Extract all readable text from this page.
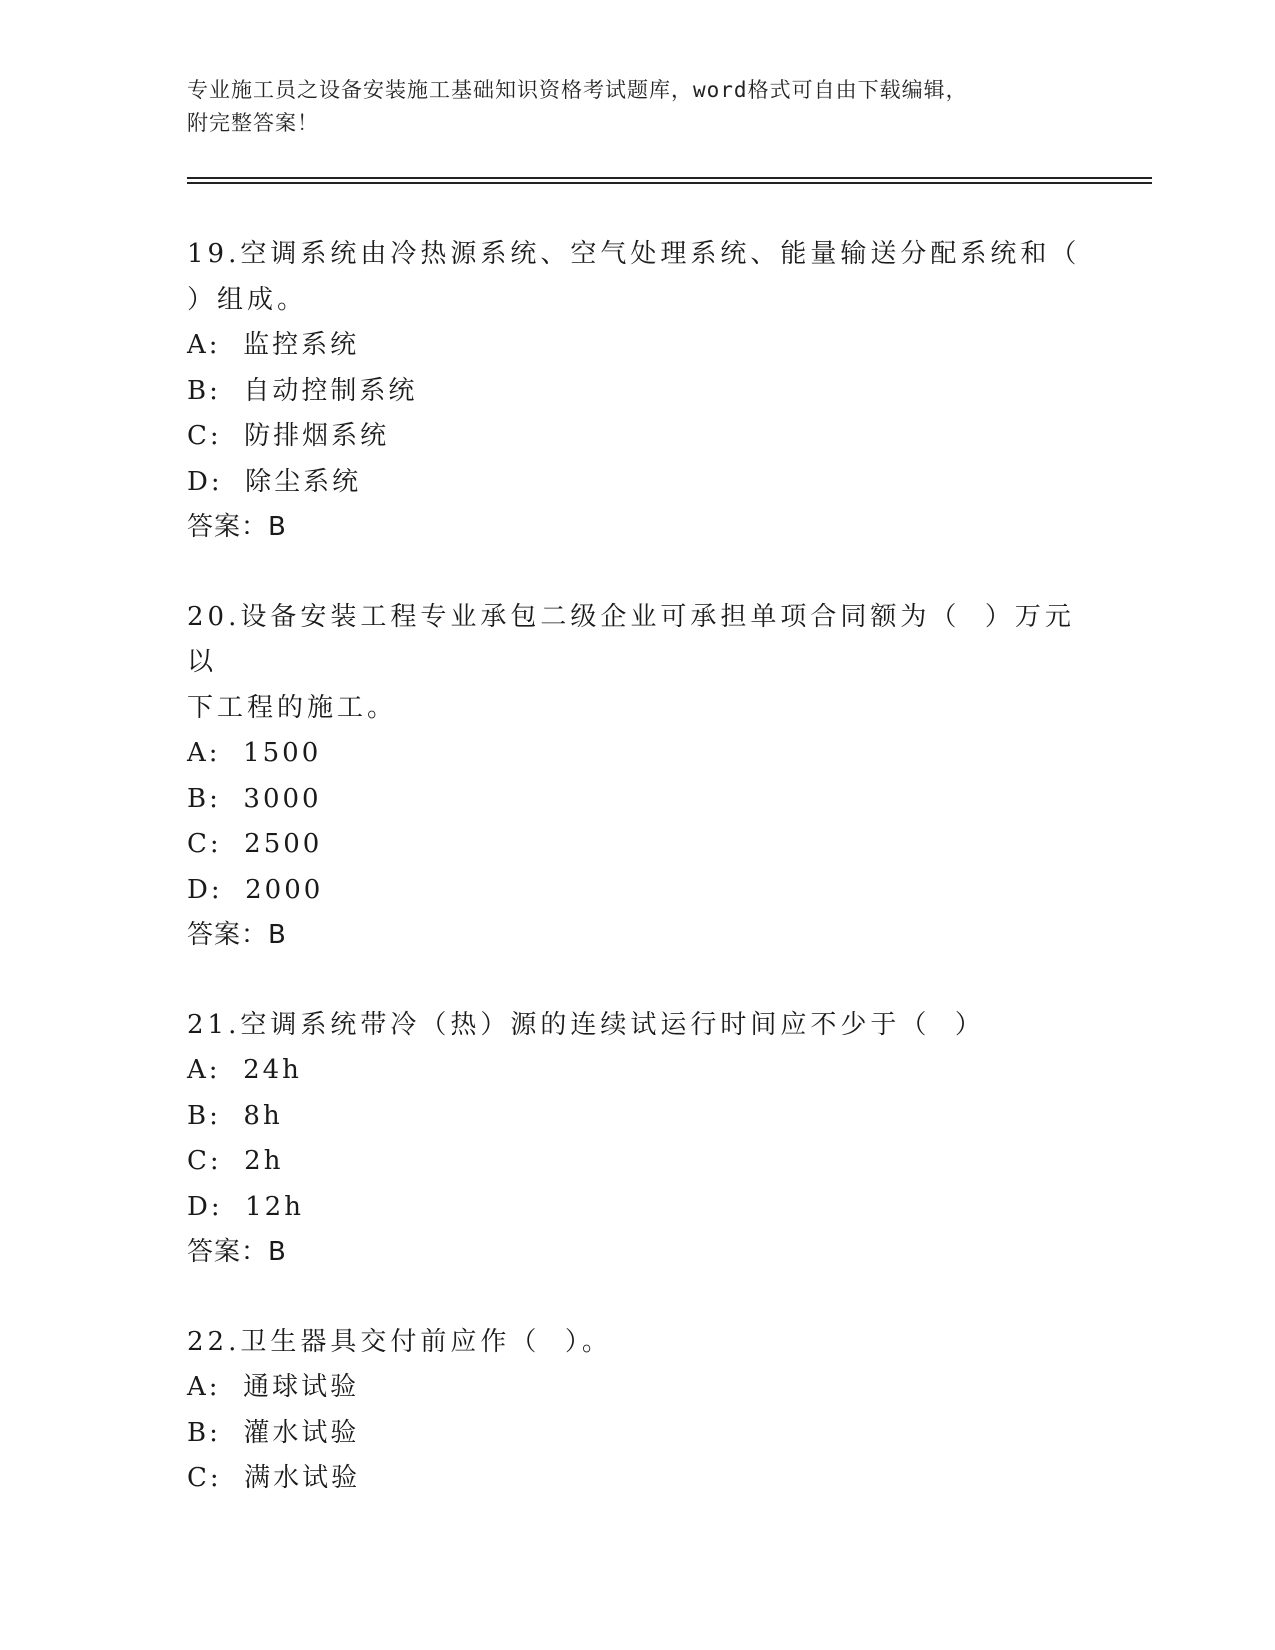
专业施工员之设备安装施工基础知识资格考试题库，word格式可自由下载编辑，
附完整答案！
19.空调系统由冷热源系统、空气处理系统、能量输送分配系统和（
）组成。
A:  监控系统
B:  自动控制系统
C:  防排烟系统
D:  除尘系统
答案：B
20.设备安装工程专业承包二级企业可承担单项合同额为（  ）万元以
下工程的施工。
A:  1500
B:  3000
C:  2500
D:  2000
答案：B
21.空调系统带冷（热）源的连续试运行时间应不少于（  ）
A:  24h
B:  8h
C:  2h
D:  12h
答案：B
22.卫生器具交付前应作（  ）。
A:  通球试验
B:  灌水试验
C:  满水试验
